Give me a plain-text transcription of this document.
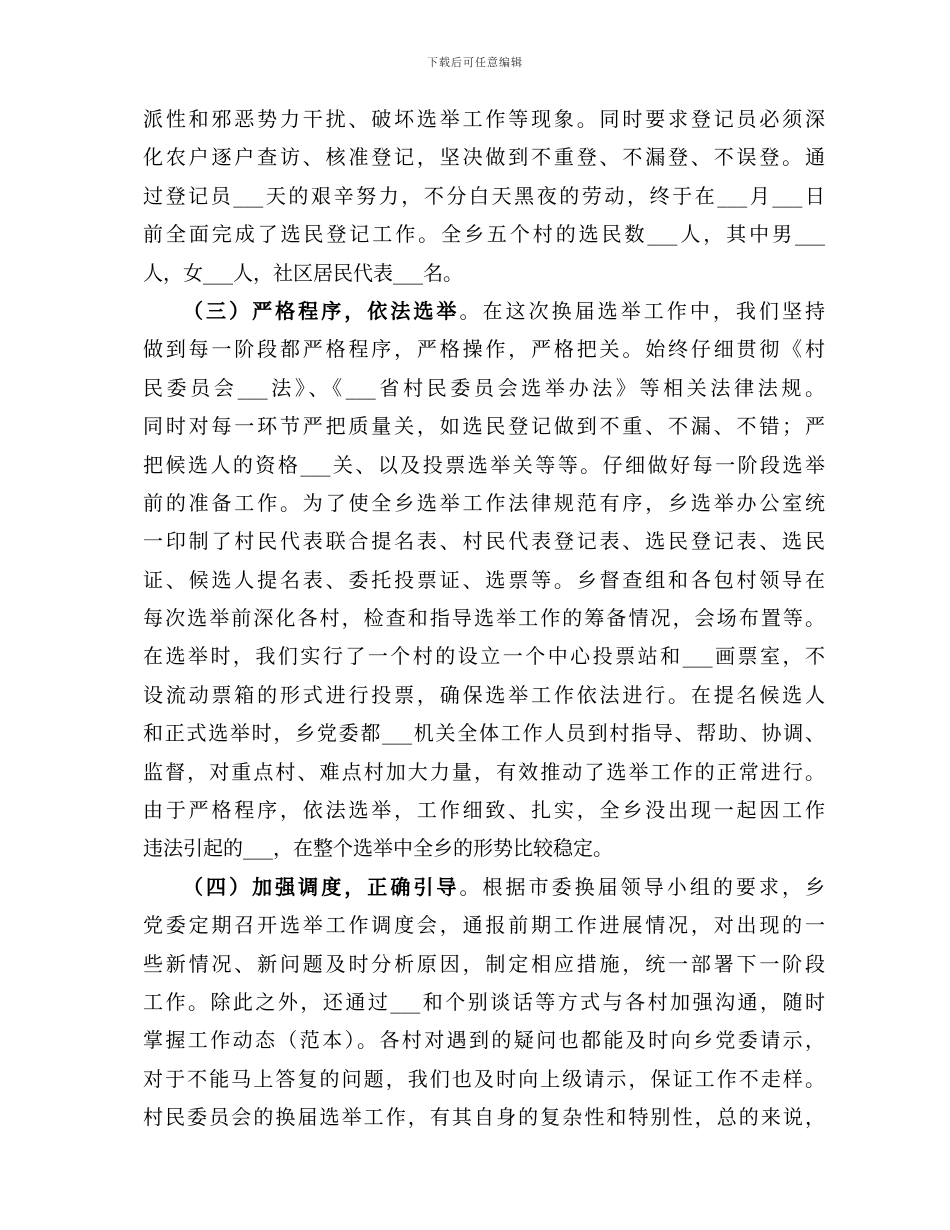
下载后可任意编辑
派性和邪恶势力干扰、破坏选举工作等现象。同时要求登记员必须深
化农户逐户查访、核准登记，坚决做到不重登、不漏登、不误登。通
过登记员___天的艰辛努力，不分白天黑夜的劳动，终于在___月___日
前全面完成了选民登记工作。全乡五个村的选民数___人，其中男___
人，女___人，社区居民代表___名。
（三）严格程序，依法选举。在这次换届选举工作中，我们坚持
做到每一阶段都严格程序，严格操作，严格把关。始终仔细贯彻《村
民委员会___法》、《___省村民委员会选举办法》等相关法律法规。
同时对每一环节严把质量关，如选民登记做到不重、不漏、不错；严
把候选人的资格___关、以及投票选举关等等。仔细做好每一阶段选举
前的准备工作。为了使全乡选举工作法律规范有序，乡选举办公室统
一印制了村民代表联合提名表、村民代表登记表、选民登记表、选民
证、候选人提名表、委托投票证、选票等。乡督查组和各包村领导在
每次选举前深化各村，检查和指导选举工作的筹备情况，会场布置等。
在选举时，我们实行了一个村的设立一个中心投票站和___画票室，不
设流动票箱的形式进行投票，确保选举工作依法进行。在提名候选人
和正式选举时，乡党委都___机关全体工作人员到村指导、帮助、协调、
监督，对重点村、难点村加大力量，有效推动了选举工作的正常进行。
由于严格程序，依法选举，工作细致、扎实，全乡没出现一起因工作
违法引起的___，在整个选举中全乡的形势比较稳定。
（四）加强调度，正确引导。根据市委换届领导小组的要求，乡
党委定期召开选举工作调度会，通报前期工作进展情况，对出现的一
些新情况、新问题及时分析原因，制定相应措施，统一部署下一阶段
工作。除此之外，还通过___和个别谈话等方式与各村加强沟通，随时
掌握工作动态（范本）。各村对遇到的疑问也都能及时向乡党委请示，
对于不能马上答复的问题，我们也及时向上级请示，保证工作不走样。
村民委员会的换届选举工作，有其自身的复杂性和特别性，总的来说，
